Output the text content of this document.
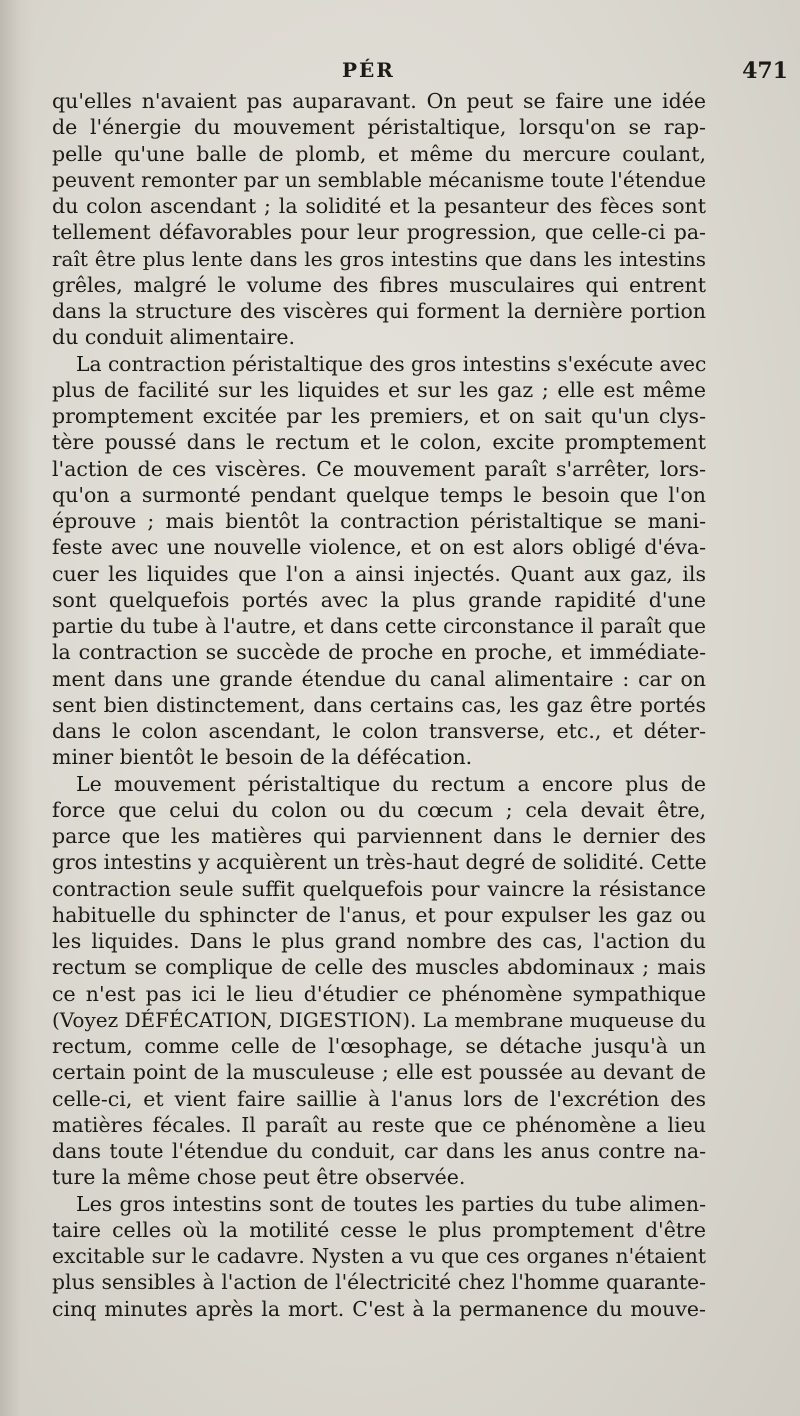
PÉR	471
qu'elles n'avaient pas auparavant. On peut se faire une idée
de l'énergie du mouvement péristaltique, lorsqu'on se rap-
pelle qu'une balle de plomb, et même du mercure coulant,
peuvent remonter par un semblable mécanisme toute l'étendue
du colon ascendant ; la solidité et la pesanteur des fèces sont
tellement défavorables pour leur progression, que celle-ci pa-
raît être plus lente dans les gros intestins que dans les intestins
grêles, malgré le volume des fibres musculaires qui entrent
dans la structure des viscères qui forment la dernière portion
du conduit alimentaire.
La contraction péristaltique des gros intestins s'exécute avec
plus de facilité sur les liquides et sur les gaz ; elle est même
promptement excitée par les premiers, et on sait qu'un clys-
tère poussé dans le rectum et le colon, excite promptement
l'action de ces viscères. Ce mouvement paraît s'arrêter, lors-
qu'on a surmonté pendant quelque temps le besoin que l'on
éprouve ; mais bientôt la contraction péristaltique se mani-
feste avec une nouvelle violence, et on est alors obligé d'éva-
cuer les liquides que l'on a ainsi injectés. Quant aux gaz, ils
sont quelquefois portés avec la plus grande rapidité d'une
partie du tube à l'autre, et dans cette circonstance il paraît que
la contraction se succède de proche en proche, et immédiate-
ment dans une grande étendue du canal alimentaire : car on
sent bien distinctement, dans certains cas, les gaz être portés
dans le colon ascendant, le colon transverse, etc., et déter-
miner bientôt le besoin de la défécation.
Le mouvement péristaltique du rectum a encore plus de
force que celui du colon ou du cœcum ; cela devait être,
parce que les matières qui parviennent dans le dernier des
gros intestins y acquièrent un très-haut degré de solidité. Cette
contraction seule suffit quelquefois pour vaincre la résistance
habituelle du sphincter de l'anus, et pour expulser les gaz ou
les liquides. Dans le plus grand nombre des cas, l'action du
rectum se complique de celle des muscles abdominaux ; mais
ce n'est pas ici le lieu d'étudier ce phénomène sympathique
(Voyez DÉFÉCATION, DIGESTION). La membrane muqueuse du
rectum, comme celle de l'œsophage, se détache jusqu'à un
certain point de la musculeuse ; elle est poussée au devant de
celle-ci, et vient faire saillie à l'anus lors de l'excrétion des
matières fécales. Il paraît au reste que ce phénomène a lieu
dans toute l'étendue du conduit, car dans les anus contre na-
ture la même chose peut être observée.
Les gros intestins sont de toutes les parties du tube alimen-
taire celles où la motilité cesse le plus promptement d'être
excitable sur le cadavre. Nysten a vu que ces organes n'étaient
plus sensibles à l'action de l'électricité chez l'homme quarante-
cinq minutes après la mort. C'est à la permanence du mouve-
